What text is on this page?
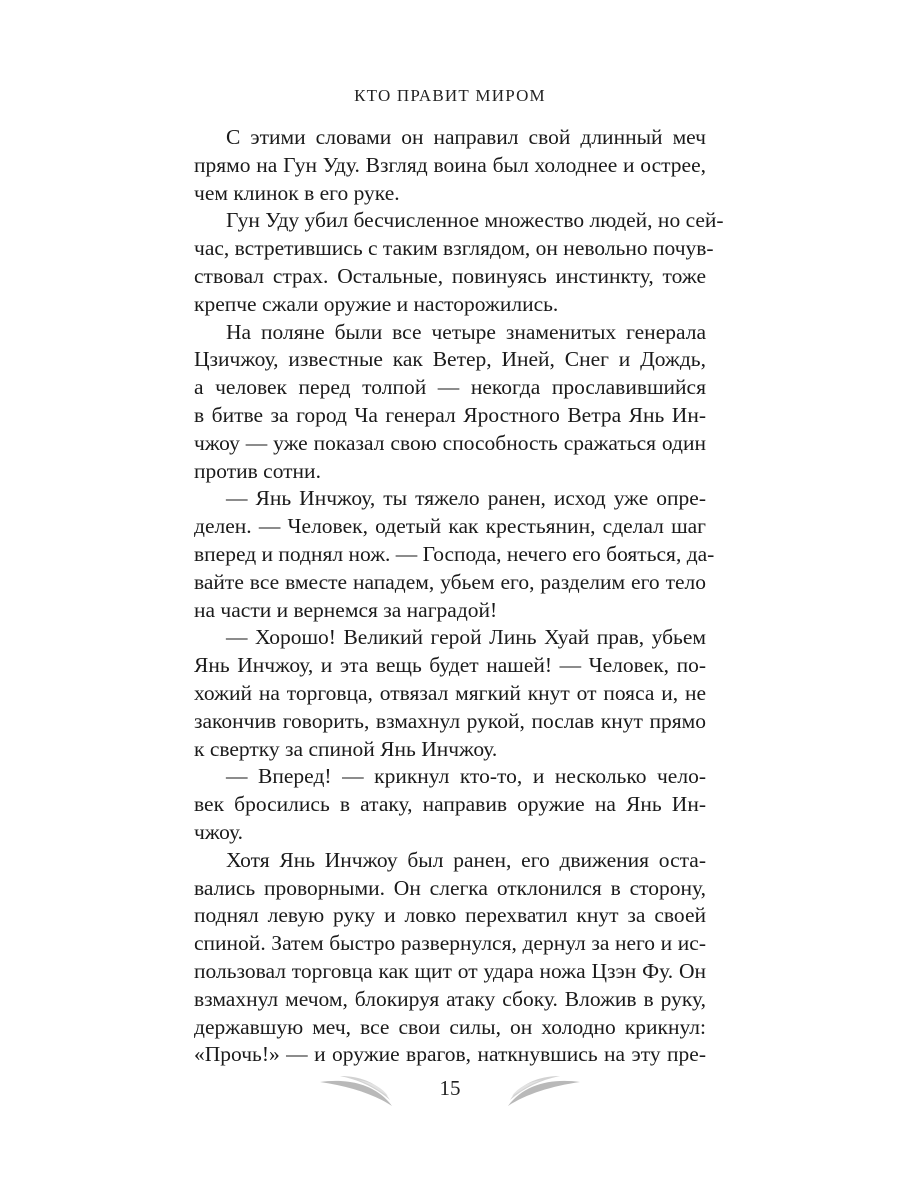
КТО ПРАВИТ МИРОМ
С этими словами он направил свой длинный меч
прямо на Гун Уду. Взгляд воина был холоднее и острее,
чем клинок в его руке.
Гун Уду убил бесчисленное множество людей, но сей-
час, встретившись с таким взглядом, он невольно почув-
ствовал страх. Остальные, повинуясь инстинкту, тоже
крепче сжали оружие и насторожились.
На поляне были все четыре знаменитых генерала
Цзичжоу, известные как Ветер, Иней, Снег и Дождь,
а человек перед толпой — некогда прославившийся
в битве за город Ча генерал Яростного Ветра Янь Ин-
чжоу — уже показал свою способность сражаться один
против сотни.
— Янь Инчжоу, ты тяжело ранен, исход уже опре-
делен. — Человек, одетый как крестьянин, сделал шаг
вперед и поднял нож. — Господа, нечего его бояться, да-
вайте все вместе нападем, убьем его, разделим его тело
на части и вернемся за наградой!
— Хорошо! Великий герой Линь Хуай прав, убьем
Янь Инчжоу, и эта вещь будет нашей! — Человек, по-
хожий на торговца, отвязал мягкий кнут от пояса и, не
закончив говорить, взмахнул рукой, послав кнут прямо
к свертку за спиной Янь Инчжоу.
— Вперед! — крикнул кто-то, и несколько чело-
век бросились в атаку, направив оружие на Янь Ин-
чжоу.
Хотя Янь Инчжоу был ранен, его движения оста-
вались проворными. Он слегка отклонился в сторону,
поднял левую руку и ловко перехватил кнут за своей
спиной. Затем быстро развернулся, дернул за него и ис-
пользовал торговца как щит от удара ножа Цзэн Фу. Он
взмахнул мечом, блокируя атаку сбоку. Вложив в руку,
державшую меч, все свои силы, он холодно крикнул:
«Прочь!» — и оружие врагов, наткнувшись на эту пре-
15
